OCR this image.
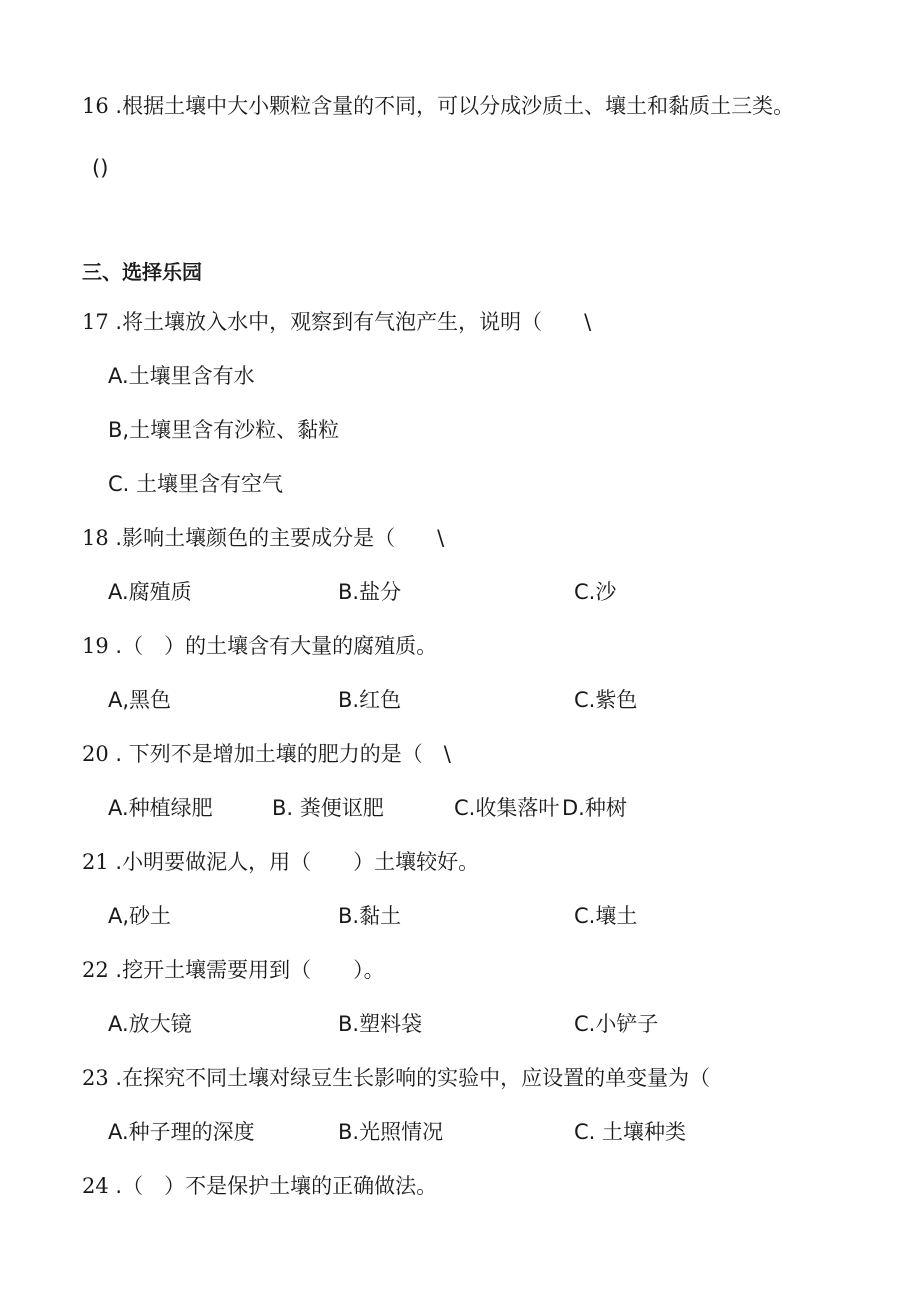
16 .根据土壤中大小颗粒含量的不同，可以分成沙质土、壤土和黏质土三类。
()
三、选择乐园
17 .将土壤放入水中，观察到有气泡产生，说明（　　\
A.土壤里含有水
B,土壤里含有沙粒、黏粒
C. 土壤里含有空气
18 .影响土壤颜色的主要成分是（　　\
A.腐殖质	B.盐分	C.沙
19 .（　）的土壤含有大量的腐殖质。
A,黑色	B.红色	C.紫色
20 . 下列不是增加土壤的肥力的是（　\
A.种植绿肥	B. 粪便讴肥	C.收集落叶 D.种树
21 .小明要做泥人，用（　　）土壤较好。
A,砂土	B.黏土	C.壤土
22 .挖开土壤需要用到（　　）。
A.放大镜	B.塑料袋	C.小铲子
23 .在探究不同土壤对绿豆生长影响的实验中，应设置的单变量为（
A.种子理的深度	B.光照情况	C. 土壤种类
24 .（　）不是保护土壤的正确做法。
